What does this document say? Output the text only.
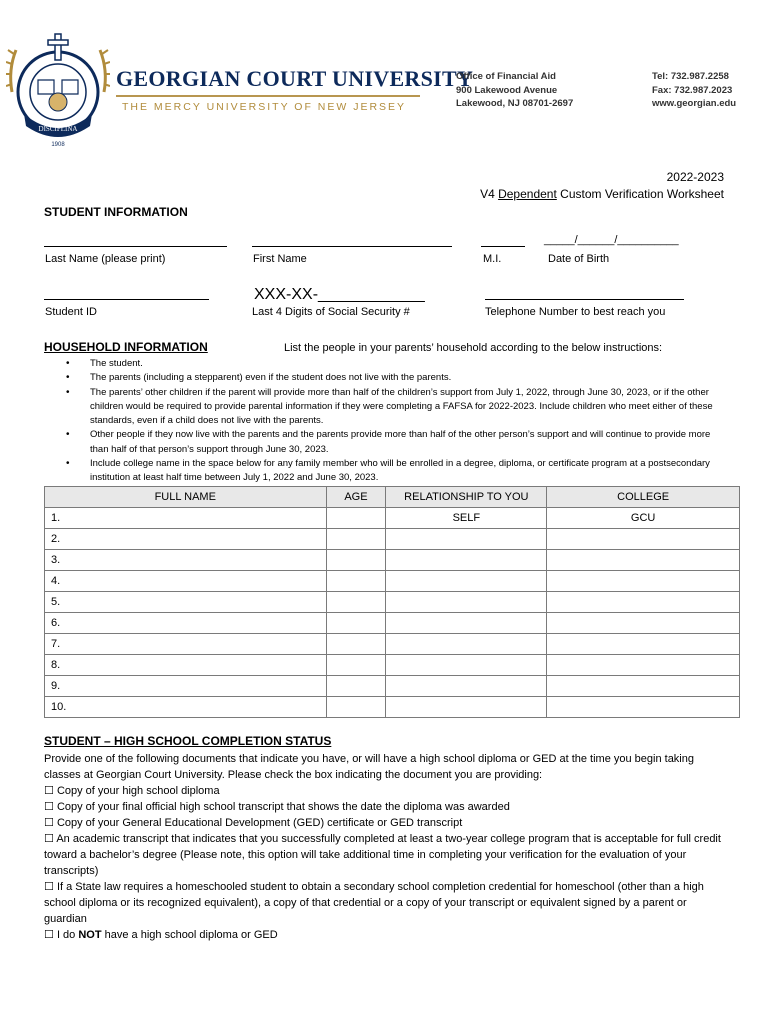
DISCIPLINA
1908
GEORGIAN COURT UNIVERSITY
THE MERCY UNIVERSITY OF NEW JERSEY
Office of Financial Aid
900 Lakewood Avenue
Lakewood, NJ 08701-2697
Tel: 732.987.2258
Fax: 732.987.2023
www.georgian.edu
2022-2023
V4 Dependent Custom Verification Worksheet
STUDENT INFORMATION
_____/______/__________
Last Name (please print)	First Name	M.I.	Date of Birth
XXX-XX-____________
Student ID	Last 4 Digits of Social Security #	Telephone Number to best reach you
HOUSEHOLD INFORMATION	List the people in your parents’ household according to the below instructions:
• The student.
• The parents (including a stepparent) even if the student does not live with the parents.
• The parents’ other children if the parent will provide more than half of the children’s support from July 1, 2022, through June 30, 2023, or if the other children would be required to provide parental information if they were completing a FAFSA for 2022-2023. Include children who meet either of these standards, even if a child does not live with the parents.
• Other people if they now live with the parents and the parents provide more than half of the other person’s support and will continue to provide more than half of that person’s support through June 30, 2023.
• Include college name in the space below for any family member who will be enrolled in a degree, diploma, or certificate program at a postsecondary institution at least half time between July 1, 2022 and June 30, 2023.
FULL NAME	AGE	RELATIONSHIP TO YOU	COLLEGE
1.		SELF	GCU
2.			
3.			
4.			
5.			
6.			
7.			
8.			
9.			
10.			
STUDENT – HIGH SCHOOL COMPLETION STATUS

Provide one of the following documents that indicate you have, or will have a high school diploma or GED at the time you begin taking classes at Georgian Court University. Please check the box indicating the document you are providing:

☐ Copy of your high school diploma

☐ Copy of your final official high school transcript that shows the date the diploma was awarded

☐ Copy of your General Educational Development (GED) certificate or GED transcript

☐ An academic transcript that indicates that you successfully completed at least a two-year college program that is acceptable for full credit toward a bachelor’s degree (Please note, this option will take additional time in completing your verification for the evaluation of your transcripts)

☐ If a State law requires a homeschooled student to obtain a secondary school completion credential for homeschool (other than a high school diploma or its recognized equivalent), a copy of that credential or a copy of your transcript or equivalent signed by a parent or guardian

☐ I do NOT have a high school diploma or GED
